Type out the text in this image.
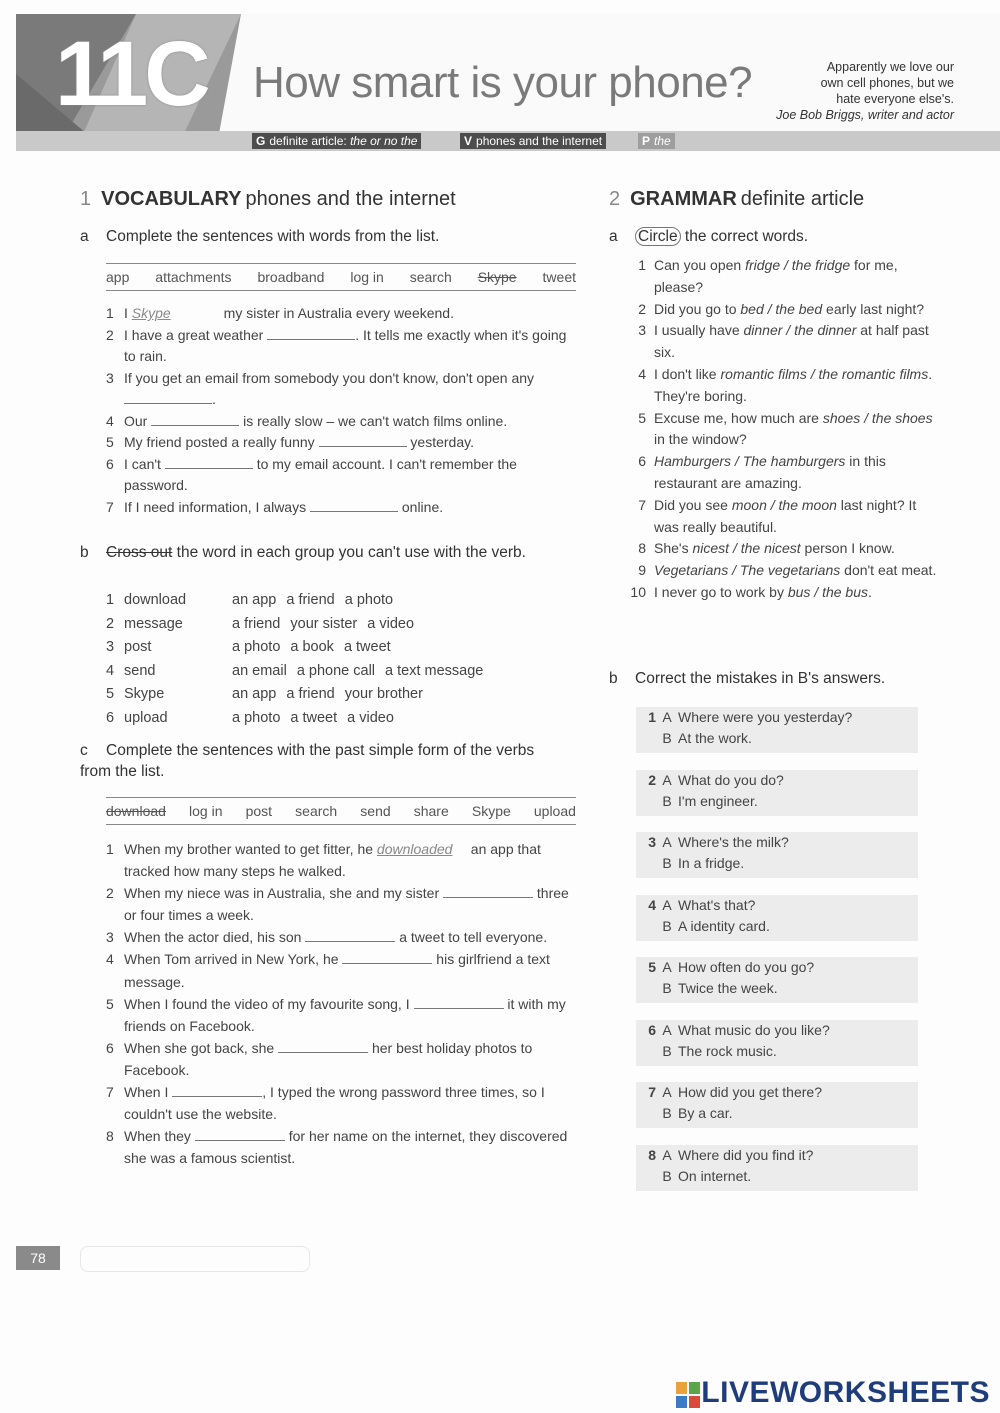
11C How smart is your phone?	Apparently we love our
own cell phones, but we
hate everyone else's.
Joe Bob Briggs, writer and actor
G definite article: the or no the	V phones and the internet	P the
1 VOCABULARY phones and the internet
a Complete the sentences with words from the list.
app attachments broadband log in search Skype tweet
1 I Skype	my sister in Australia every weekend.
2 I have a great weather	. It tells me exactly when it's going to rain.
3 If you get an email from somebody you don't know, don't open any .
4 Our	is really slow – we can't watch films online.
5 My friend posted a really funny	yesterday.
6 I can't	to my email account. I can't remember the password.
7 If I need information, I always	online.
b Cross out the word in each group you can't use with the verb.
1 download	an app a friend a photo
2 message	a friend your sister a video
3 post	a photo a book a tweet
4 send	an email a phone call a text message
5 Skype	an app a friend your brother
6 upload	a photo a tweet a video
c Complete the sentences with the past simple form of the verbs from the list.
download log in post search send share Skype upload
1 When my brother wanted to get fitter, he downloaded an app that tracked how many steps he walked.
2 When my niece was in Australia, she and my sister	three or four times a week.
3 When the actor died, his son	a tweet to tell everyone.
4 When Tom arrived in New York, he	his girlfriend a text message.
5 When I found the video of my favourite song, I	it with my friends on Facebook.
6 When she got back, she	her best holiday photos to Facebook.
7 When I	, I typed the wrong password three times, so I couldn't use the website.
8 When they	for her name on the internet, they discovered she was a famous scientist.
2 GRAMMAR definite article
a Circle the correct words.
1 Can you open fridge / the fridge for me, please?
2 Did you go to bed / the bed early last night?
3 I usually have dinner / the dinner at half past six.
4 I don't like romantic films / the romantic films. They're boring.
5 Excuse me, how much are shoes / the shoes in the window?
6 Hamburgers / The hamburgers in this restaurant are amazing.
7 Did you see moon / the moon last night? It was really beautiful.
8 She's nicest / the nicest person I know.
9 Vegetarians / The vegetarians don't eat meat.
10 I never go to work by bus / the bus.
b Correct the mistakes in B's answers.
1 A Where were you yesterday?
B At the work.
2 A What do you do?
B I'm engineer.
3 A Where's the milk?
B In a fridge.
4 A What's that?
B A identity card.
5 A How often do you go?
B Twice the week.
6 A What music do you like?
B The rock music.
7 A How did you get there?
B By a car.
8 A Where did you find it?
B On internet.
78
LIVEWORKSHEETS
